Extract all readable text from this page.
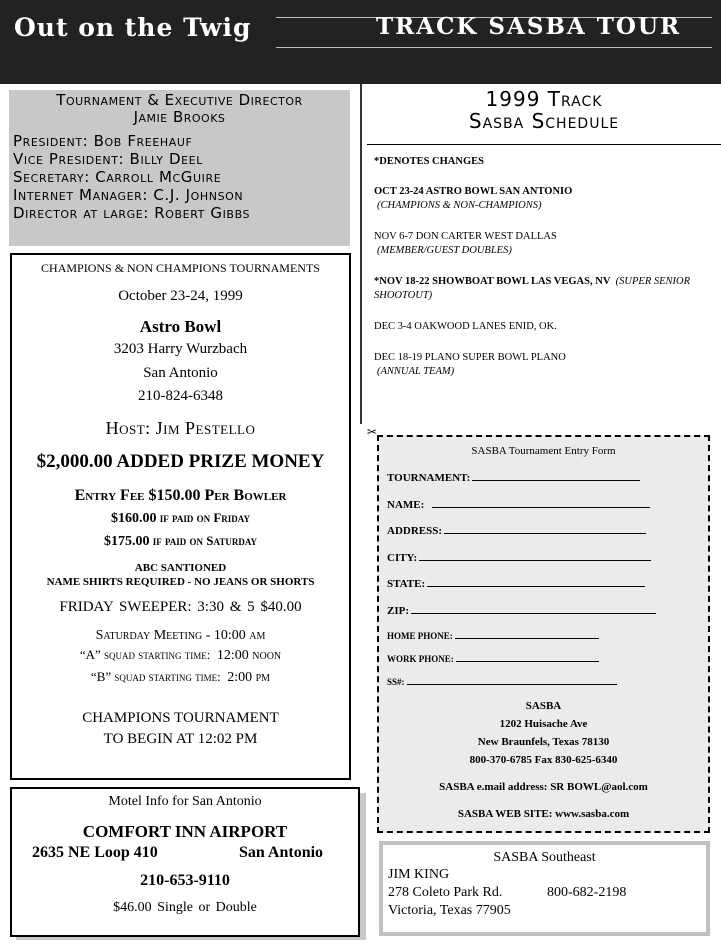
Out on the Twig	TRACK SASBA TOUR
Tournament & Executive Director
Jamie Brooks
President: Bob Freehauf
Vice President: Billy Deel
Secretary: Carroll McGuire
Internet Manager: C.J. Johnson
Director at large: Robert Gibbs
CHAMPIONS & NON CHAMPIONS TOURNAMENTS
October 23-24, 1999
Astro Bowl
3203 Harry Wurzbach
San Antonio
210-824-6348
Host: Jim Pestello
$2,000.00 ADDED PRIZE MONEY
Entry Fee $150.00 Per Bowler
$160.00 if paid on Friday
$175.00 if paid on Saturday
ABC SANTIONED
NAME SHIRTS REQUIRED - NO JEANS OR SHORTS
FRIDAY SWEEPER: 3:30 & 5 $40.00
Saturday Meeting - 10:00 am
“A” squad starting time: 12:00 noon
“B” squad starting time: 2:00 pm
CHAMPIONS TOURNAMENT
TO BEGIN AT 12:02 PM
Motel Info for San Antonio
COMFORT INN AIRPORT
2635 NE Loop 410	San Antonio
210-653-9110
$46.00 Single or Double
1999 Track
Sasba Schedule
*DENOTES CHANGES
OCT 23-24 ASTRO BOWL SAN ANTONIO
(CHAMPIONS & NON-CHAMPIONS)
NOV 6-7 DON CARTER WEST DALLAS
(MEMBER/GUEST DOUBLES)
*NOV 18-22 SHOWBOAT BOWL LAS VEGAS, NV (SUPER SENIOR SHOOTOUT)
DEC 3-4 OAKWOOD LANES ENID, OK.
DEC 18-19 PLANO SUPER BOWL PLANO
(ANNUAL TEAM)
✂
SASBA Tournament Entry Form
TOURNAMENT:
NAME:
ADDRESS:
CITY:
STATE:
ZIP:
HOME PHONE:
WORK PHONE:
SS#:
SASBA
1202 Huisache Ave
New Braunfels, Texas 78130
800-370-6785 Fax 830-625-6340
SASBA e.mail address: SR BOWL@aol.com
SASBA WEB SITE: www.sasba.com
SASBA Southeast
JIM KING
278 Coleto Park Rd.	800-682-2198
Victoria, Texas 77905
